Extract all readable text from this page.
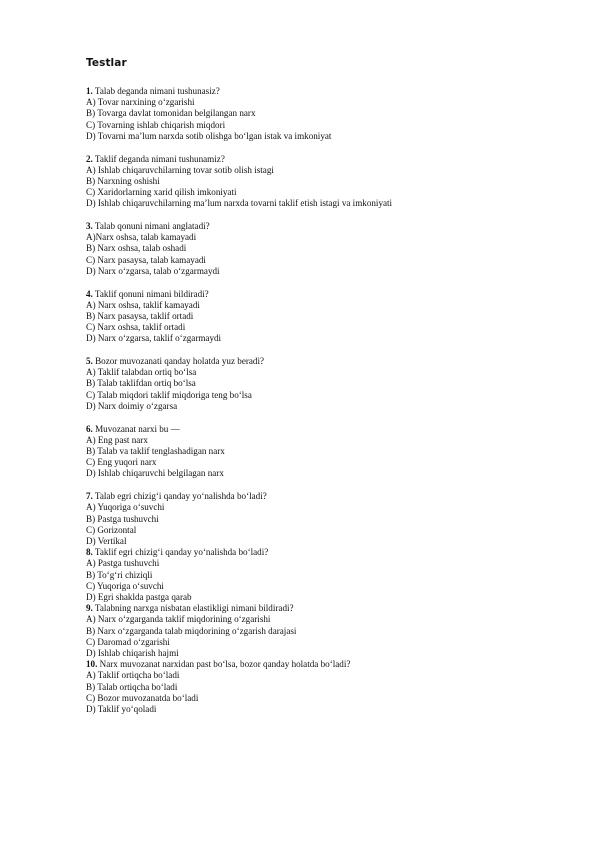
Testlar
1. Talab deganda nimani tushunasiz?
A) Tovar narxining o‘zgarishi
B) Tovarga davlat tomonidan belgilangan narx
C) Tovarning ishlab chiqarish miqdori
D) Tovarni ma’lum narxda sotib olishga bo‘lgan istak va imkoniyat
2. Taklif deganda nimani tushunamiz?
A) Ishlab chiqaruvchilarning tovar sotib olish istagi
B) Narxning oshishi
C) Xaridorlarning xarid qilish imkoniyati
D) Ishlab chiqaruvchilarning ma’lum narxda tovarni taklif etish istagi va imkoniyati
3. Talab qonuni nimani anglatadi?
A)Narx oshsa, talab kamayadi
B) Narx oshsa, talab oshadi
C) Narx pasaysa, talab kamayadi
D) Narx o‘zgarsa, talab o‘zgarmaydi
4. Taklif qonuni nimani bildiradi?
A) Narx oshsa, taklif kamayadi
B) Narx pasaysa, taklif ortadi
C) Narx oshsa, taklif ortadi
D) Narx o‘zgarsa, taklif o‘zgarmaydi
5. Bozor muvozanati qanday holatda yuz beradi?
A) Taklif talabdan ortiq bo‘lsa
B) Talab taklifdan ortiq bo‘lsa
C) Talab miqdori taklif miqdoriga teng bo‘lsa
D) Narx doimiy o‘zgarsa
6. Muvozanat narxi bu —
A) Eng past narx
B) Talab va taklif tenglashadigan narx
C) Eng yuqori narx
D) Ishlab chiqaruvchi belgilagan narx
7. Talab egri chizig‘i qanday yo‘nalishda bo‘ladi?
A) Yuqoriga o‘suvchi
B) Pastga tushuvchi
C) Gorizontal
D) Vertikal
8. Taklif egri chizig‘i qanday yo‘nalishda bo‘ladi?
A) Pastga tushuvchi
B) To‘g‘ri chiziqli
C) Yuqoriga o‘suvchi
D) Egri shaklda pastga qarab
9. Talabning narxga nisbatan elastikligi nimani bildiradi?
A) Narx o‘zgarganda taklif miqdorining o‘zgarishi
B) Narx o‘zgarganda talab miqdorining o‘zgarish darajasi
C) Daromad o‘zgarishi
D) Ishlab chiqarish hajmi
10. Narx muvozanat narxidan past bo‘lsa, bozor qanday holatda bo‘ladi?
A) Taklif ortiqcha bo‘ladi
B) Talab ortiqcha bo‘ladi
C) Bozor muvozanatda bo‘ladi
D) Taklif yo‘qoladi
